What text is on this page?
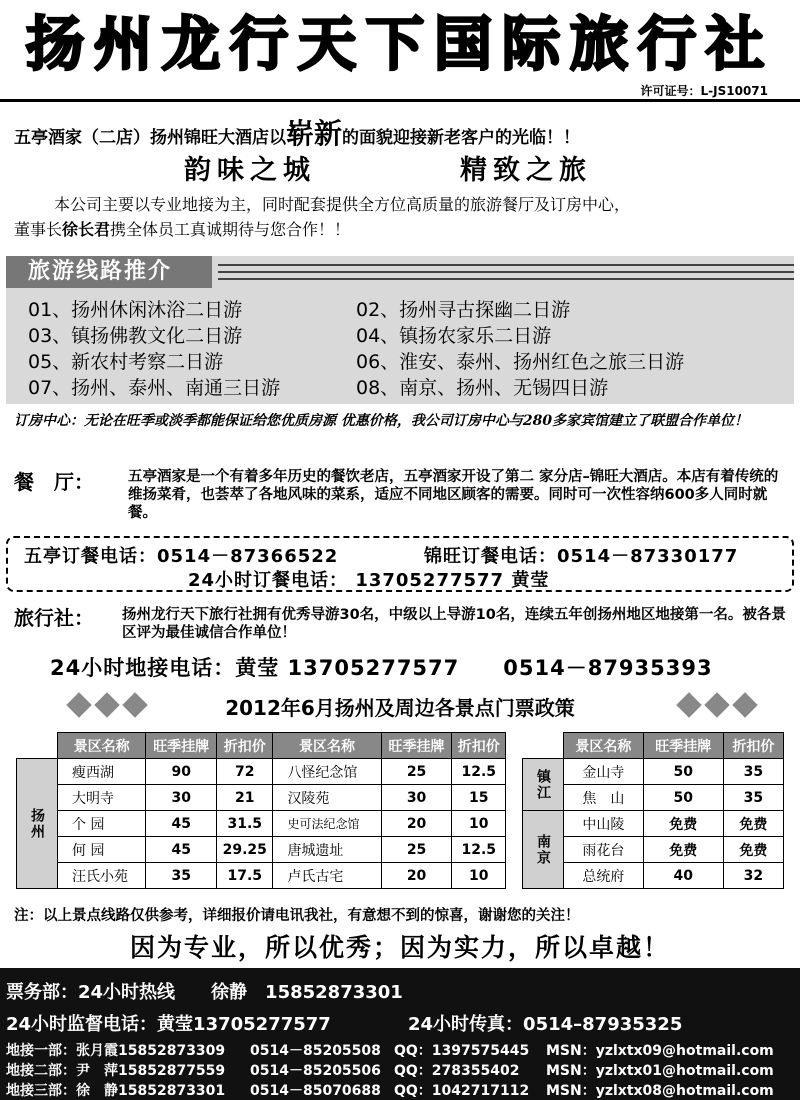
扬州龙行天下国际旅行社
许可证号：L-JS10071
五亭酒家（二店）扬州锦旺大酒店以崭新的面貌迎接新老客户的光临！！
韵味之城	精致之旅
本公司主要以专业地接为主，同时配套提供全方位高质量的旅游餐厅及订房中心，
董事长徐长君携全体员工真诚期待与您合作！！
旅游线路推介
01、扬州休闲沐浴二日游	02、扬州寻古探幽二日游
03、镇扬佛教文化二日游	04、镇扬农家乐二日游
05、新农村考察二日游	06、淮安、泰州、扬州红色之旅三日游
07、扬州、泰州、南通三日游	08、南京、扬州、无锡四日游
订房中心：无论在旺季或淡季都能保证给您优质房源 优惠价格，我公司订房中心与280多家宾馆建立了联盟合作单位！
餐　厅： 五亭酒家是一个有着多年历史的餐饮老店，五亭酒家开设了第二 家分店–锦旺大酒店。本店有着传统的维扬菜肴，也荟萃了各地风味的菜系，适应不同地区顾客的需要。同时可一次性容纳600多人同时就餐。
五亭订餐电话：0514－87366522	锦旺订餐电话：0514－87330177
24小时订餐电话： 13705277577 黄莹
旅行社： 扬州龙行天下旅行社拥有优秀导游30名，中级以上导游10名，连续五年创扬州地区地接第一名。被各景区评为最佳诚信合作单位！
24小时地接电话：黄莹 13705277577　　0514－87935393
2012年6月扬州及周边各景点门票政策
	景区名称	旺季挂牌	折扣价	景区名称	旺季挂牌	折扣价
扬州	瘦西湖	90	72	八怪纪念馆	25	12.5
	大明寺	30	21	汉陵苑	30	15
	个 园	45	31.5	史可法纪念馆	20	10
	何 园	45	29.25	唐城遗址	25	12.5
	汪氏小苑	35	17.5	卢氏古宅	20	10
	景区名称	旺季挂牌	折扣价
镇江	金山寺	50	35
	焦　山	50	35
南京	中山陵	免费	免费
	雨花台	免费	免费
	总统府	40	32
注：以上景点线路仅供参考，详细报价请电讯我社，有意想不到的惊喜，谢谢您的关注！
因为专业，所以优秀；因为实力，所以卓越！
票务部：24小时热线　　徐静　15852873301
24小时监督电话：黄莹13705277577	24小时传真：0514–87935325
地接一部：张月霞15852873309 0514－85205508 QQ：1397575445 MSN：yzlxtx09@hotmail.com
地接二部：尹　萍15852877559 0514－85205506 QQ：278355402 MSN：yzlxtx01@hotmail.com
地接三部：徐　静15852873301 0514－85070688 QQ：1042717112 MSN：yzlxtx08@hotmail.com
